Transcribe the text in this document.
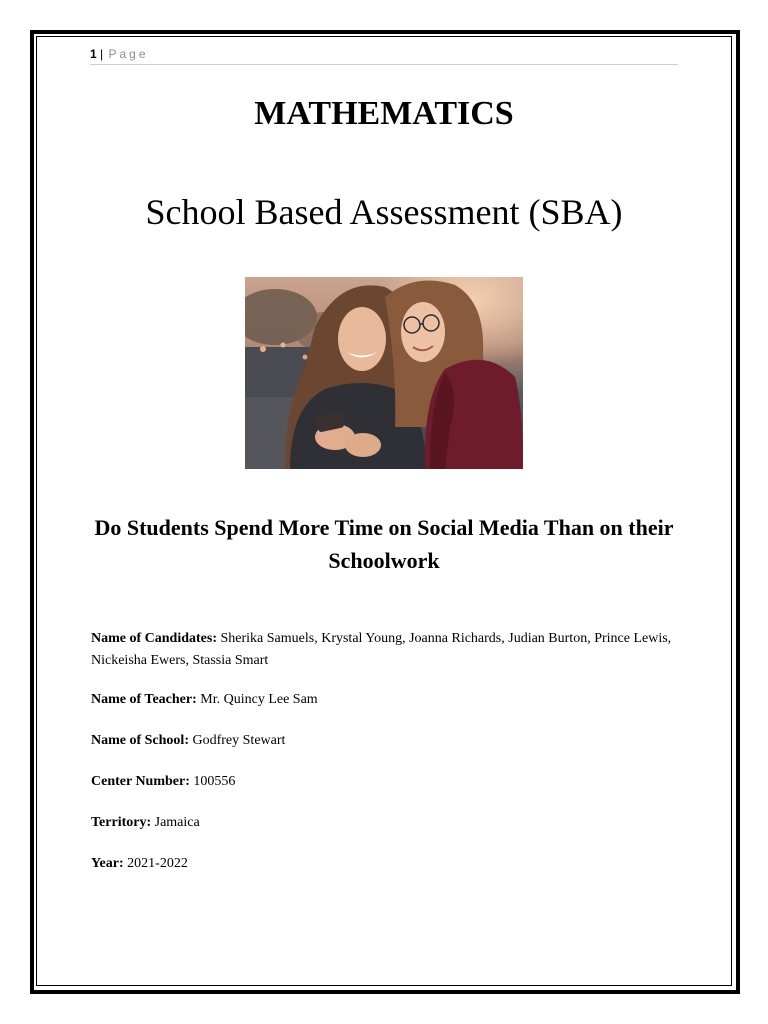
1 | Page
MATHEMATICS
School Based Assessment (SBA)
Do Students Spend More Time on Social Media Than on their Schoolwork
Name of Candidates: Sherika Samuels, Krystal Young, Joanna Richards, Judian Burton, Prince Lewis, Nickeisha Ewers, Stassia Smart
Name of Teacher: Mr. Quincy Lee Sam
Name of School: Godfrey Stewart
Center Number: 100556
Territory: Jamaica
Year: 2021-2022
